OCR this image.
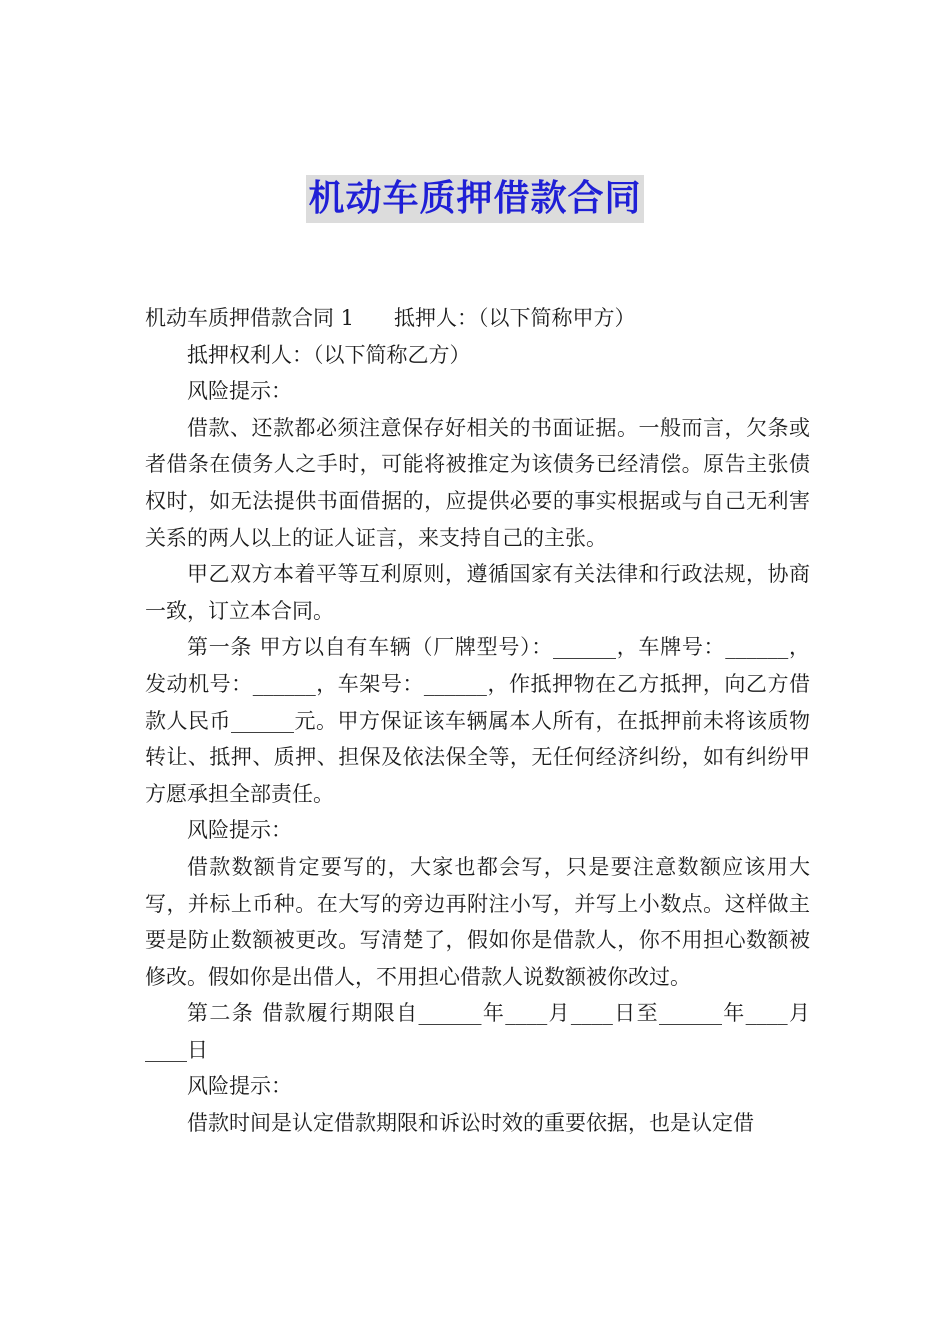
机动车质押借款合同

机动车质押借款合同 1 抵押人：（以下简称甲方）

抵押权利人：（以下简称乙方）

风险提示：

借款、还款都必须注意保存好相关的书面证据。一般而言，欠条或者借条在债务人之手时，可能将被推定为该债务已经清偿。原告主张债权时，如无法提供书面借据的，应提供必要的事实根据或与自己无利害关系的两人以上的证人证言，来支持自己的主张。

甲乙双方本着平等互利原则，遵循国家有关法律和行政法规，协商一致，订立本合同。

第一条 甲方以自有车辆（厂牌型号）：______，车牌号：______，发动机号：______，车架号：______，作抵押物在乙方抵押，向乙方借款人民币______元。甲方保证该车辆属本人所有，在抵押前未将该质物转让、抵押、质押、担保及依法保全等，无任何经济纠纷，如有纠纷甲方愿承担全部责任。

风险提示：

借款数额肯定要写的，大家也都会写，只是要注意数额应该用大写，并标上币种。在大写的旁边再附注小写，并写上小数点。这样做主要是防止数额被更改。写清楚了，假如你是借款人，你不用担心数额被修改。假如你是出借人，不用担心借款人说数额被你改过。

第二条 借款履行期限自______年____月____日至______年____月____日

风险提示：

借款时间是认定借款期限和诉讼时效的重要依据，也是认定借
